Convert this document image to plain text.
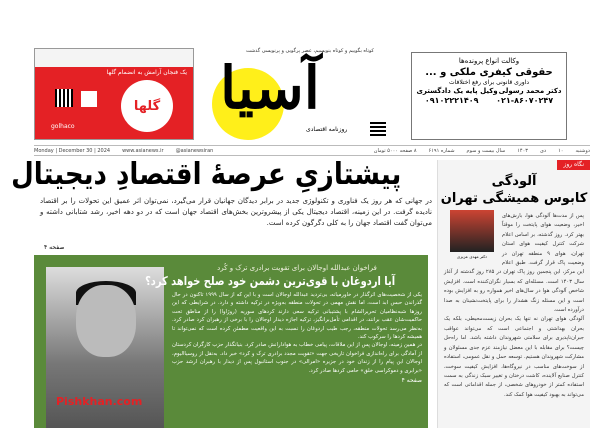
گلها
یک فنجان آرامش به انضمام گلها
golhaco
کوتاه بگوییم و کوتاه بنویسیم، عصر پرگویی و پرنویسی گذشت
آسیا
روزنامه اقتصادی
وکالت انواع پرونده‌ها
حقوقی کیفری ملکی و ...
داوری قانونی برای رفع اختلافات
دکتر محمد رسولی
وکیل پایه یک دادگستری
۰۲۱-۸۶۰۷۰۲۴۷
۰۹۱۰۲۲۲۱۴۰۹
Monday | December 30 | 2024 www.asianews.ir @asianewsiran	دوشنبه
۱۰
دی
۱۴۰۳
سال بیست و سوم
شماره ۶۱۹۱
۸ صفحه ۵۰۰۰ تومان
پیشتازیِ عرصهٔ اقتصادِ دیجیتال
در جهانی که هر روز یک فناوری و تکنولوژی جدید در برابر دیدگان جهانیان قرار می‌گیرد، نمی‌توان اثر عمیق این تحولات را بر اقتصاد نادیده گرفت. در این زمینه، اقتصاد دیجیتال یکی از پیشروترین بخش‌های اقتصاد جهان است که در دو دهه اخیر، رشد شتابانی داشته و می‌توان گفت اقتصاد جهان را به کلی دگرگون کرده است.
صفحه ۴
Pishkhan.com
فراخوان عبدالله اوجالان برای تقویت برادری ترک و کُرد
آیا اردوغان با قوی‌ترین دشمن خود صلح خواهد کرد؟

یکی از شخصیت‌های اثرگذار در خاورمیانه، بی‌تردید عبدالله اوجالان است و با این که از سال ۱۹۹۹ تاکنون در حال گذراندن حبس ابد است، اما نقش مهمی در تحولات منطقه به‌ویژه در ترکیه داشته و دارد. در شرایطی که این روزها شبه‌نظامیان تحریرالشام با پشتیبانی ترکیه سعی دارند کردهای سوریه (روژاوا) را از مناطق تحت حاکمیت‌شان عقب برانند، در اقدامی تأمل‌برانگیز، ترکیه اجازه دیدار اوجالان را با برخی از رهبران کرد صادر کرد. به‌نظر می‌رسد تحولات منطقه، رجب طیب اردوغان را نسبت به این واقعیت مطمئن کرده است که نمی‌تواند تا همیشه کردها را سرکوب کند.

در همین زمینه، اوجالان پس از این ملاقات، پیامی خطاب به هوادارانش صادر کرد. بنیانگذار حزب کارگران کردستان از آمادگی برای راه‌اندازی فراخوان تاریخی جهت «تقویت مجدد برادری ترک و کرد» خبر داد. به‌نقل از روسیاالیوم، اوجالان این پیام را از زندان خود در جزیره «امرالی» در جنوب استانبول پس از دیدار با رهبران ارشد حزب «برابری و دموکراسی خلق» حامی کردها صادر کرد.

صفحه ۴
نگاه روز
آلودگی
کابوس همیشگی تهران
دکتر مهدی عزیزی
پس از مدت‌ها آلودگی هوا، بارش‌های اخیر، وضعیت هوای پایتخت را موقتاً بهتر کرد. روز گذشته، بر اساس اعلام شرکت کنترل کیفیت هوای استان تهران، هوای ۹ منطقه تهران در وضعیت پاک قرار گرفت. طبق اعلام این مرکز، این پنجمین روز پاک تهران در ۲۸۵ روز گذشته از آغاز سال ۱۴۰۳ است. مسئله‌ای که بسیار نگران‌کننده است. افزایش شاخص آلودگی هوا در سال‌های اخیر همواره رو به افزایش بوده است و این مسئله زنگ هشدار را برای پایتخت‌نشینان به صدا درآورده است.
آلودگی هوای تهران نه تنها یک بحران زیست‌محیطی، بلکه یک بحران بهداشتی و اجتماعی است که می‌تواند عواقب جبران‌ناپذیری برای سلامتی شهروندان داشته باشد. اما راه‌حل چیست؟ برای مقابله با این معضل نیازمند عزم جدی مسئولان و مشارکت شهروندان هستیم. توسعه حمل و نقل عمومی، استفاده از سوخت‌های مناسب در نیروگاه‌ها، افزایش کیفیت سوخت، کنترل صنایع آلاینده، کاشت درختان و تغییر سبک زندگی به سمت استفاده کمتر از خودروهای شخصی، از جمله اقداماتی است که می‌تواند به بهبود کیفیت هوا کمک کند.
